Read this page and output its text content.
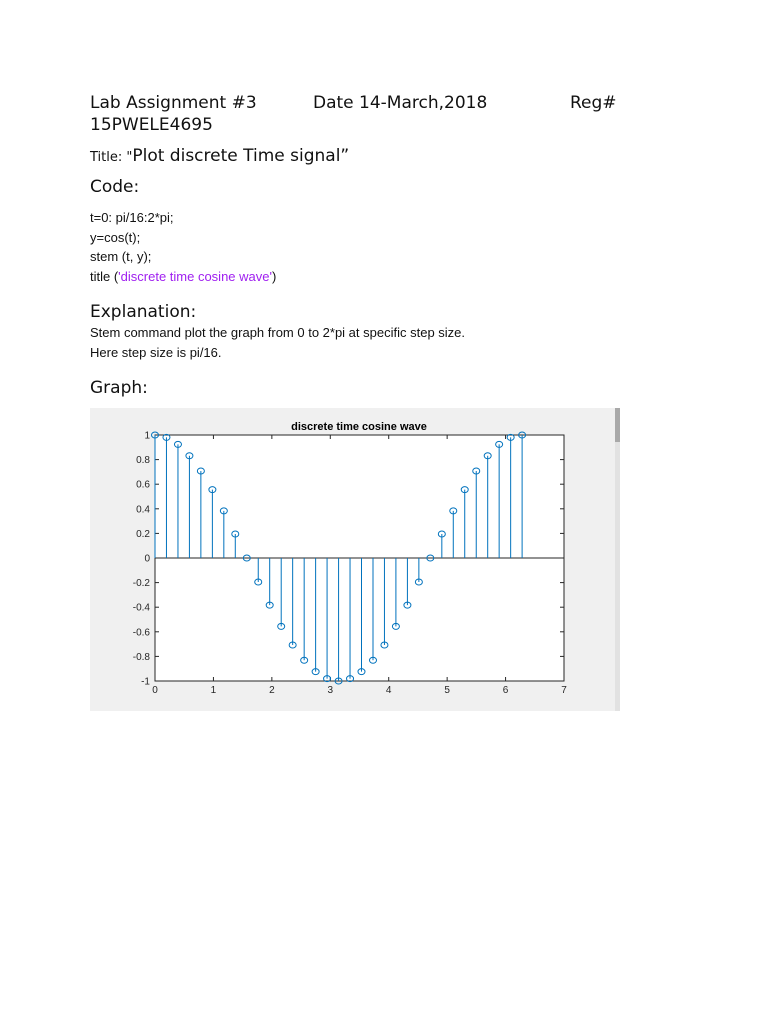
Lab Assignment #3	Date 14-March,2018	Reg#
15PWELE4695
Title: "Plot discrete Time signal”
Code:
t=0: pi/16:2*pi;
y=cos(t);
stem (t, y);
title ('discrete time cosine wave')
Explanation:
Stem command plot the graph from 0 to 2*pi at specific step size.
Here step size is pi/16.
Graph:
discrete time cosine wave
1
0.8
0.6
0.4
0.2
0
-0.2
-0.4
-0.6
-0.8
-1
0	1	2	3	4	5	6	7
